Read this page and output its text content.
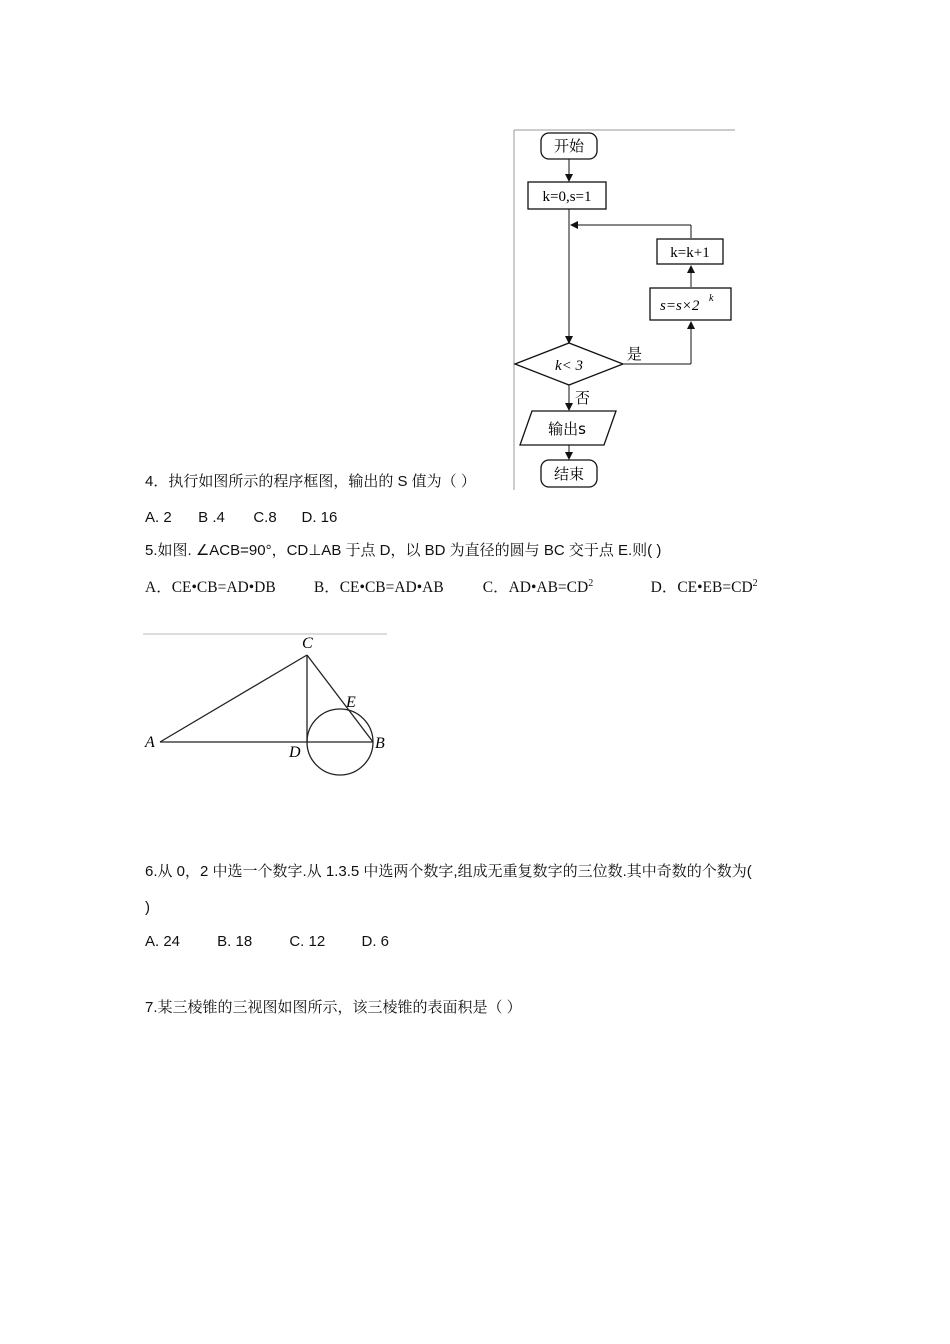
开始
k=0,s=1
k=k+1
s=s×2 k
k< 3
是
否
输出s
结束
4．执行如图所示的程序框图，输出的 S 值为（ ）
A. 2 B .4 C.8 D. 16
5.如图. ∠ACB=90°，CD⊥AB 于点 D，以 BD 为直径的圆与 BC 交于点 E.则( )
A．CE•CB=AD•DB B．CE•CB=AD•AB	C．$AD•AB=CD^2$	D．$CE•EB=CD^2$
A	B
C
D
E
6.从 0，2 中选一个数字.从 1.3.5 中选两个数字,组成无重复数字的三位数.其中奇数的个数为(
)
A. 24 B. 18 C. 12 D. 6
7.某三棱锥的三视图如图所示，该三棱锥的表面积是（ ）
